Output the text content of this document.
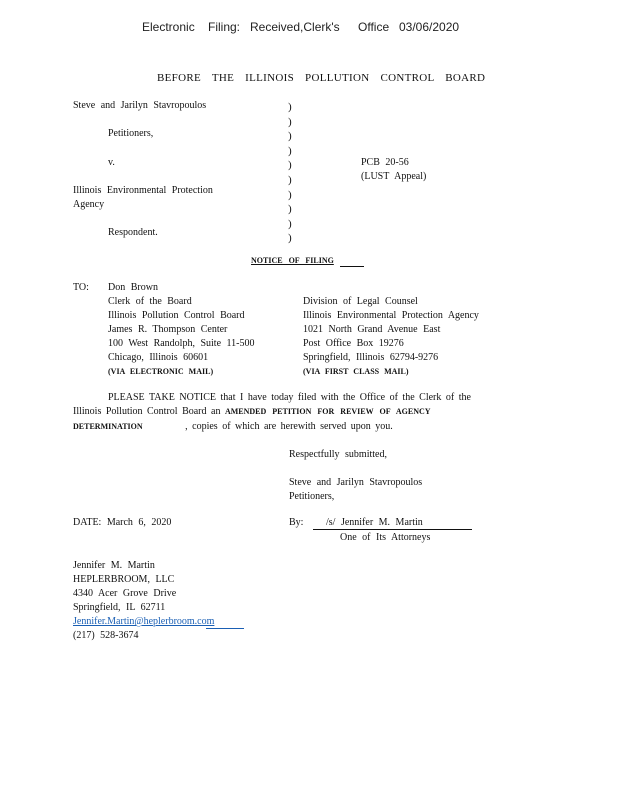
Electronic Filing: Received,Clerk's Office 03/06/2020
BEFORE THE ILLINOIS POLLUTION CONTROL BOARD
Steve and Jarilyn Stavropoulos
Petitioners,
v.
Illinois Environmental Protection
Agency
Respondent.
)
)
)
)
)
)
)
)
)
)
PCB 20-56
(LUST Appeal)
NOTICE OF FILING
TO: Don Brown
Clerk of the Board
Illinois Pollution Control Board
James R. Thompson Center
100 West Randolph, Suite 11-500
Chicago, Illinois 60601
(VIA ELECTRONIC MAIL)
Division of Legal Counsel
Illinois Environmental Protection Agency
1021 North Grand Avenue East
Post Office Box 19276
Springfield, Illinois 62794-9276
(VIA FIRST CLASS MAIL)
PLEASE TAKE NOTICE that I have today filed with the Office of the Clerk of the
Illinois Pollution Control Board an AMENDED PETITION FOR REVIEW OF AGENCY
DETERMINATION	, copies of which are herewith served upon you.
Respectfully submitted,
Steve and Jarilyn Stavropoulos
Petitioners,
DATE: March 6, 2020	By: /s/ Jennifer M. Martin
One of Its Attorneys
Jennifer M. Martin
HEPLERBROOM, LLC
4340 Acer Grove Drive
Springfield, IL 62711
Jennifer.Martin@heplerbroom.com
(217) 528-3674
